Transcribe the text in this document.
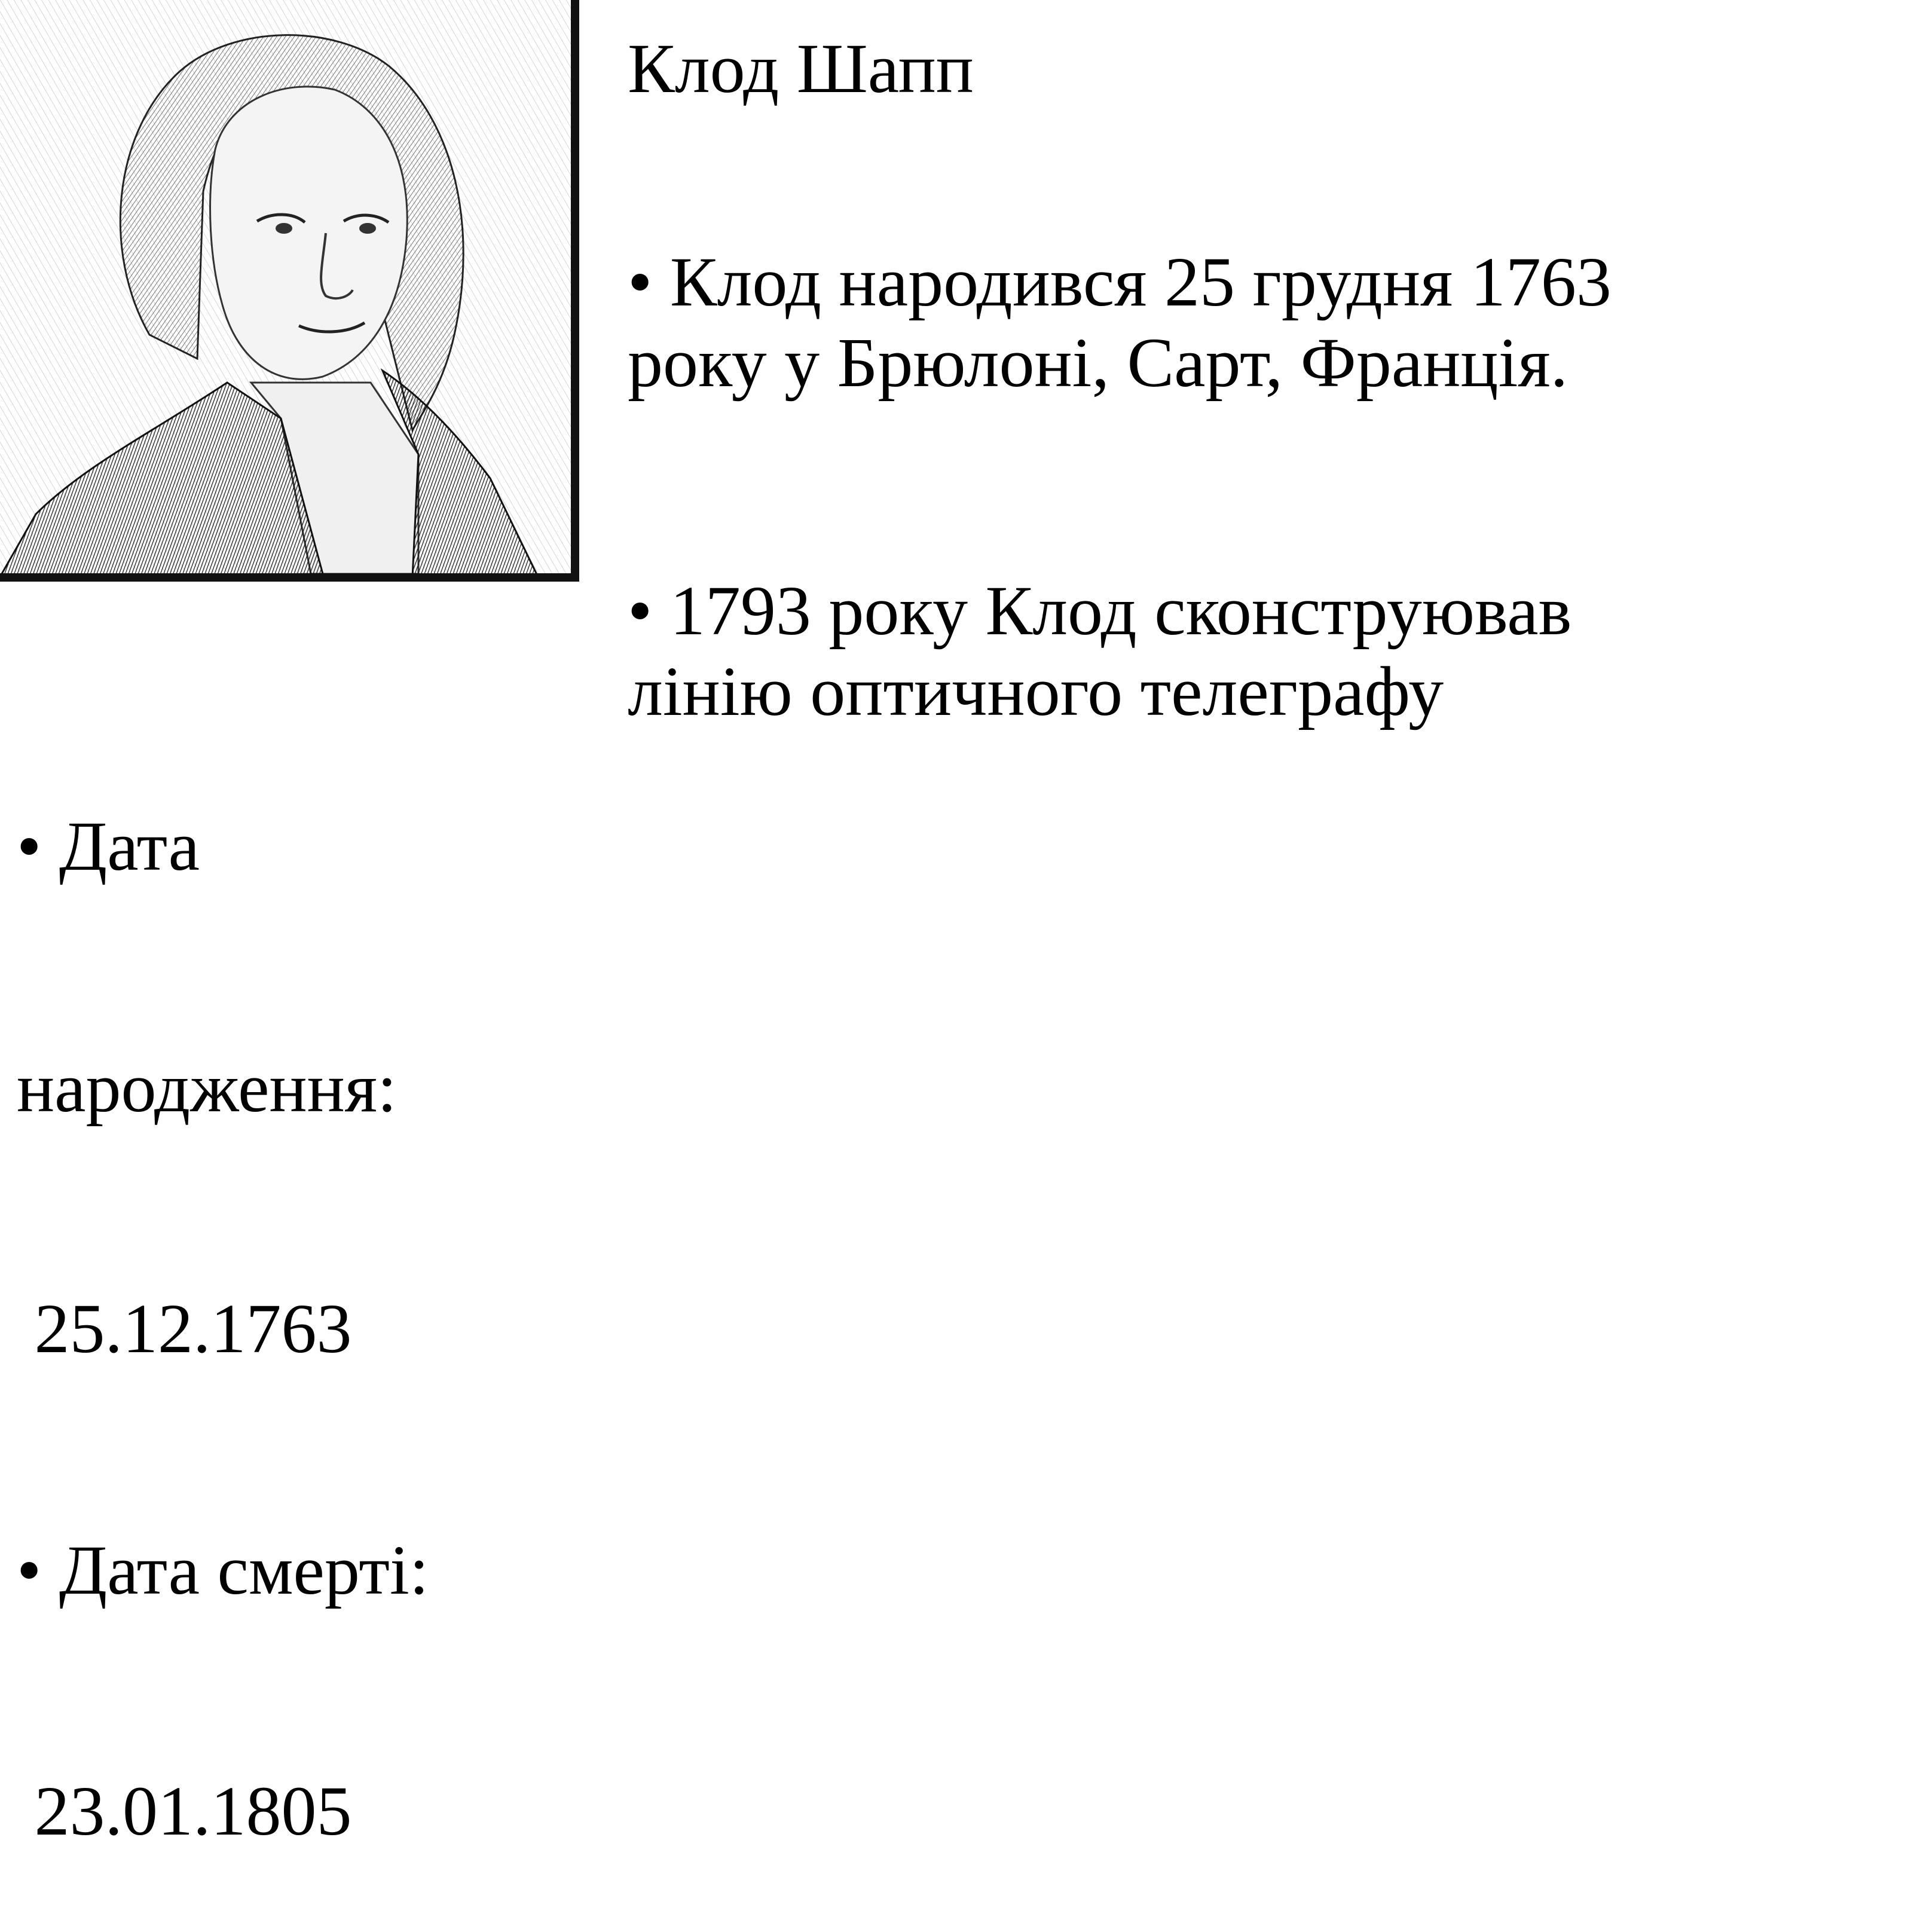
Клод Шапп
• Клод народився 25 грудня 1763
року у Брюлоні, Сарт, Франція.
• 1793 року Клод сконструював
лінію оптичного телеграфу

• Дата

народження:

25.12.1763

• Дата смерті:

23.01.1805
